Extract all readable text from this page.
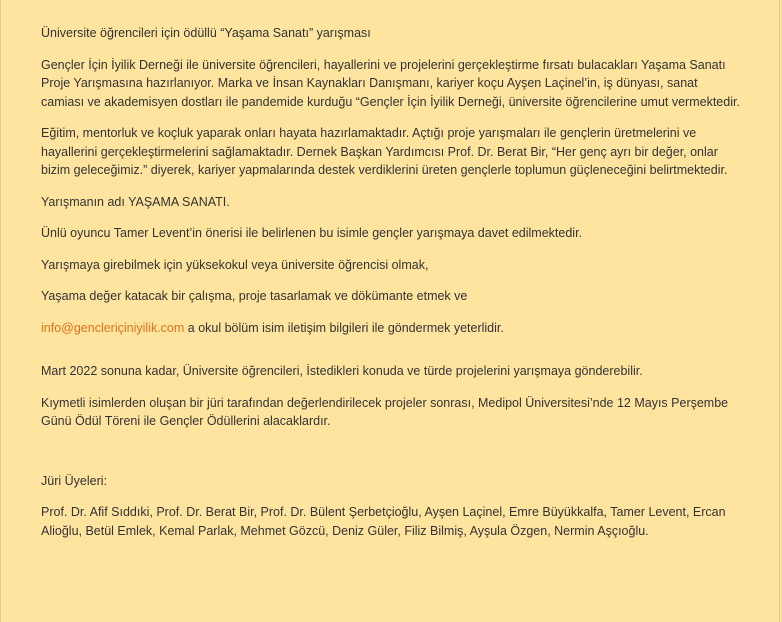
Üniversite öğrencileri için ödüllü “Yaşama Sanatı” yarışması

Gençler İçin İyilik Derneği ile üniversite öğrencileri, hayallerini ve projelerini gerçekleştirme fırsatı bulacakları Yaşama Sanatı Proje Yarışmasına hazırlanıyor. Marka ve İnsan Kaynakları Danışmanı, kariyer koçu Ayşen Laçinel’in, iş dünyası, sanat camiası ve akademisyen dostları ile pandemide kurduğu “Gençler İçin İyilik Derneği, üniversite öğrencilerine umut vermektedir.

Eğitim, mentorluk ve koçluk yaparak onları hayata hazırlamaktadır. Açtığı proje yarışmaları ile gençlerin üretmelerini ve hayallerini gerçekleştirmelerini sağlamaktadır. Dernek Başkan Yardımcısı Prof. Dr. Berat Bir, “Her genç ayrı bir değer, onlar bizim geleceğimiz.” diyerek, kariyer yapmalarında destek verdiklerini üreten gençlerle toplumun güçleneceğini belirtmektedir.

Yarışmanın adı YAŞAMA SANATI.

Ünlü oyuncu Tamer Levent’in önerisi ile belirlenen bu isimle gençler yarışmaya davet edilmektedir.

Yarışmaya girebilmek için yüksekokul veya üniversite öğrencisi olmak,

Yaşama değer katacak bir çalışma, proje tasarlamak ve dökümante etmek ve

info@gencleriçiniyilik.com a okul bölüm isim iletişim bilgileri ile göndermek yeterlidir.

Mart 2022 sonuna kadar, Üniversite öğrencileri, İstedikleri konuda ve türde projelerini yarışmaya gönderebilir.

Kıymetli isimlerden oluşan bir jüri tarafından değerlendirilecek projeler sonrası, Medipol Üniversitesi’nde 12 Mayıs Perşembe Günü Ödül Töreni ile Gençler Ödüllerini alacaklardır.

Jüri Üyeleri:

Prof. Dr. Afif Sıddıki, Prof. Dr. Berat Bir, Prof. Dr. Bülent Şerbetçioğlu, Ayşen Laçinel, Emre Büyükkalfa, Tamer Levent, Ercan Alioğlu, Betül Emlek, Kemal Parlak, Mehmet Gözcü, Deniz Güler, Filiz Bilmiş, Ayşula Özgen, Nermin Aşçıoğlu.
